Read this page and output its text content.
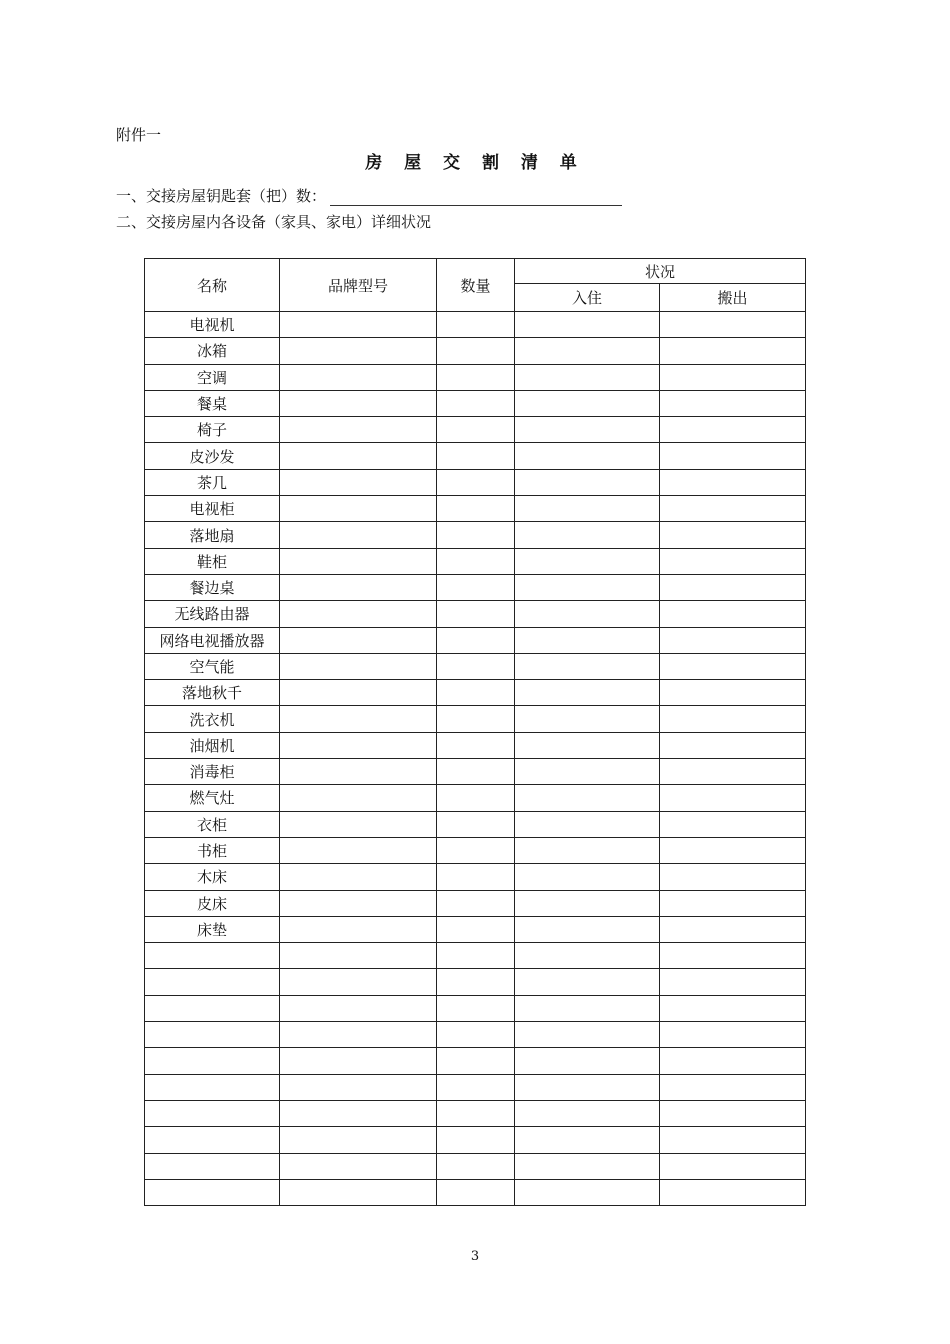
附件一
房 屋 交 割 清 单
一、交接房屋钥匙套（把）数：
二、交接房屋内各设备（家具、家电）详细状况
名称	品牌型号	数量	状况	
			入住	搬出
电视机				
冰箱				
空调				
餐桌				
椅子				
皮沙发				
茶几				
电视柜				
落地扇				
鞋柜				
餐边桌				
无线路由器				
网络电视播放器				
空气能				
落地秋千				
洗衣机				
油烟机				
消毒柜				
燃气灶				
衣柜				
书柜				
木床				
皮床				
床垫				

3
